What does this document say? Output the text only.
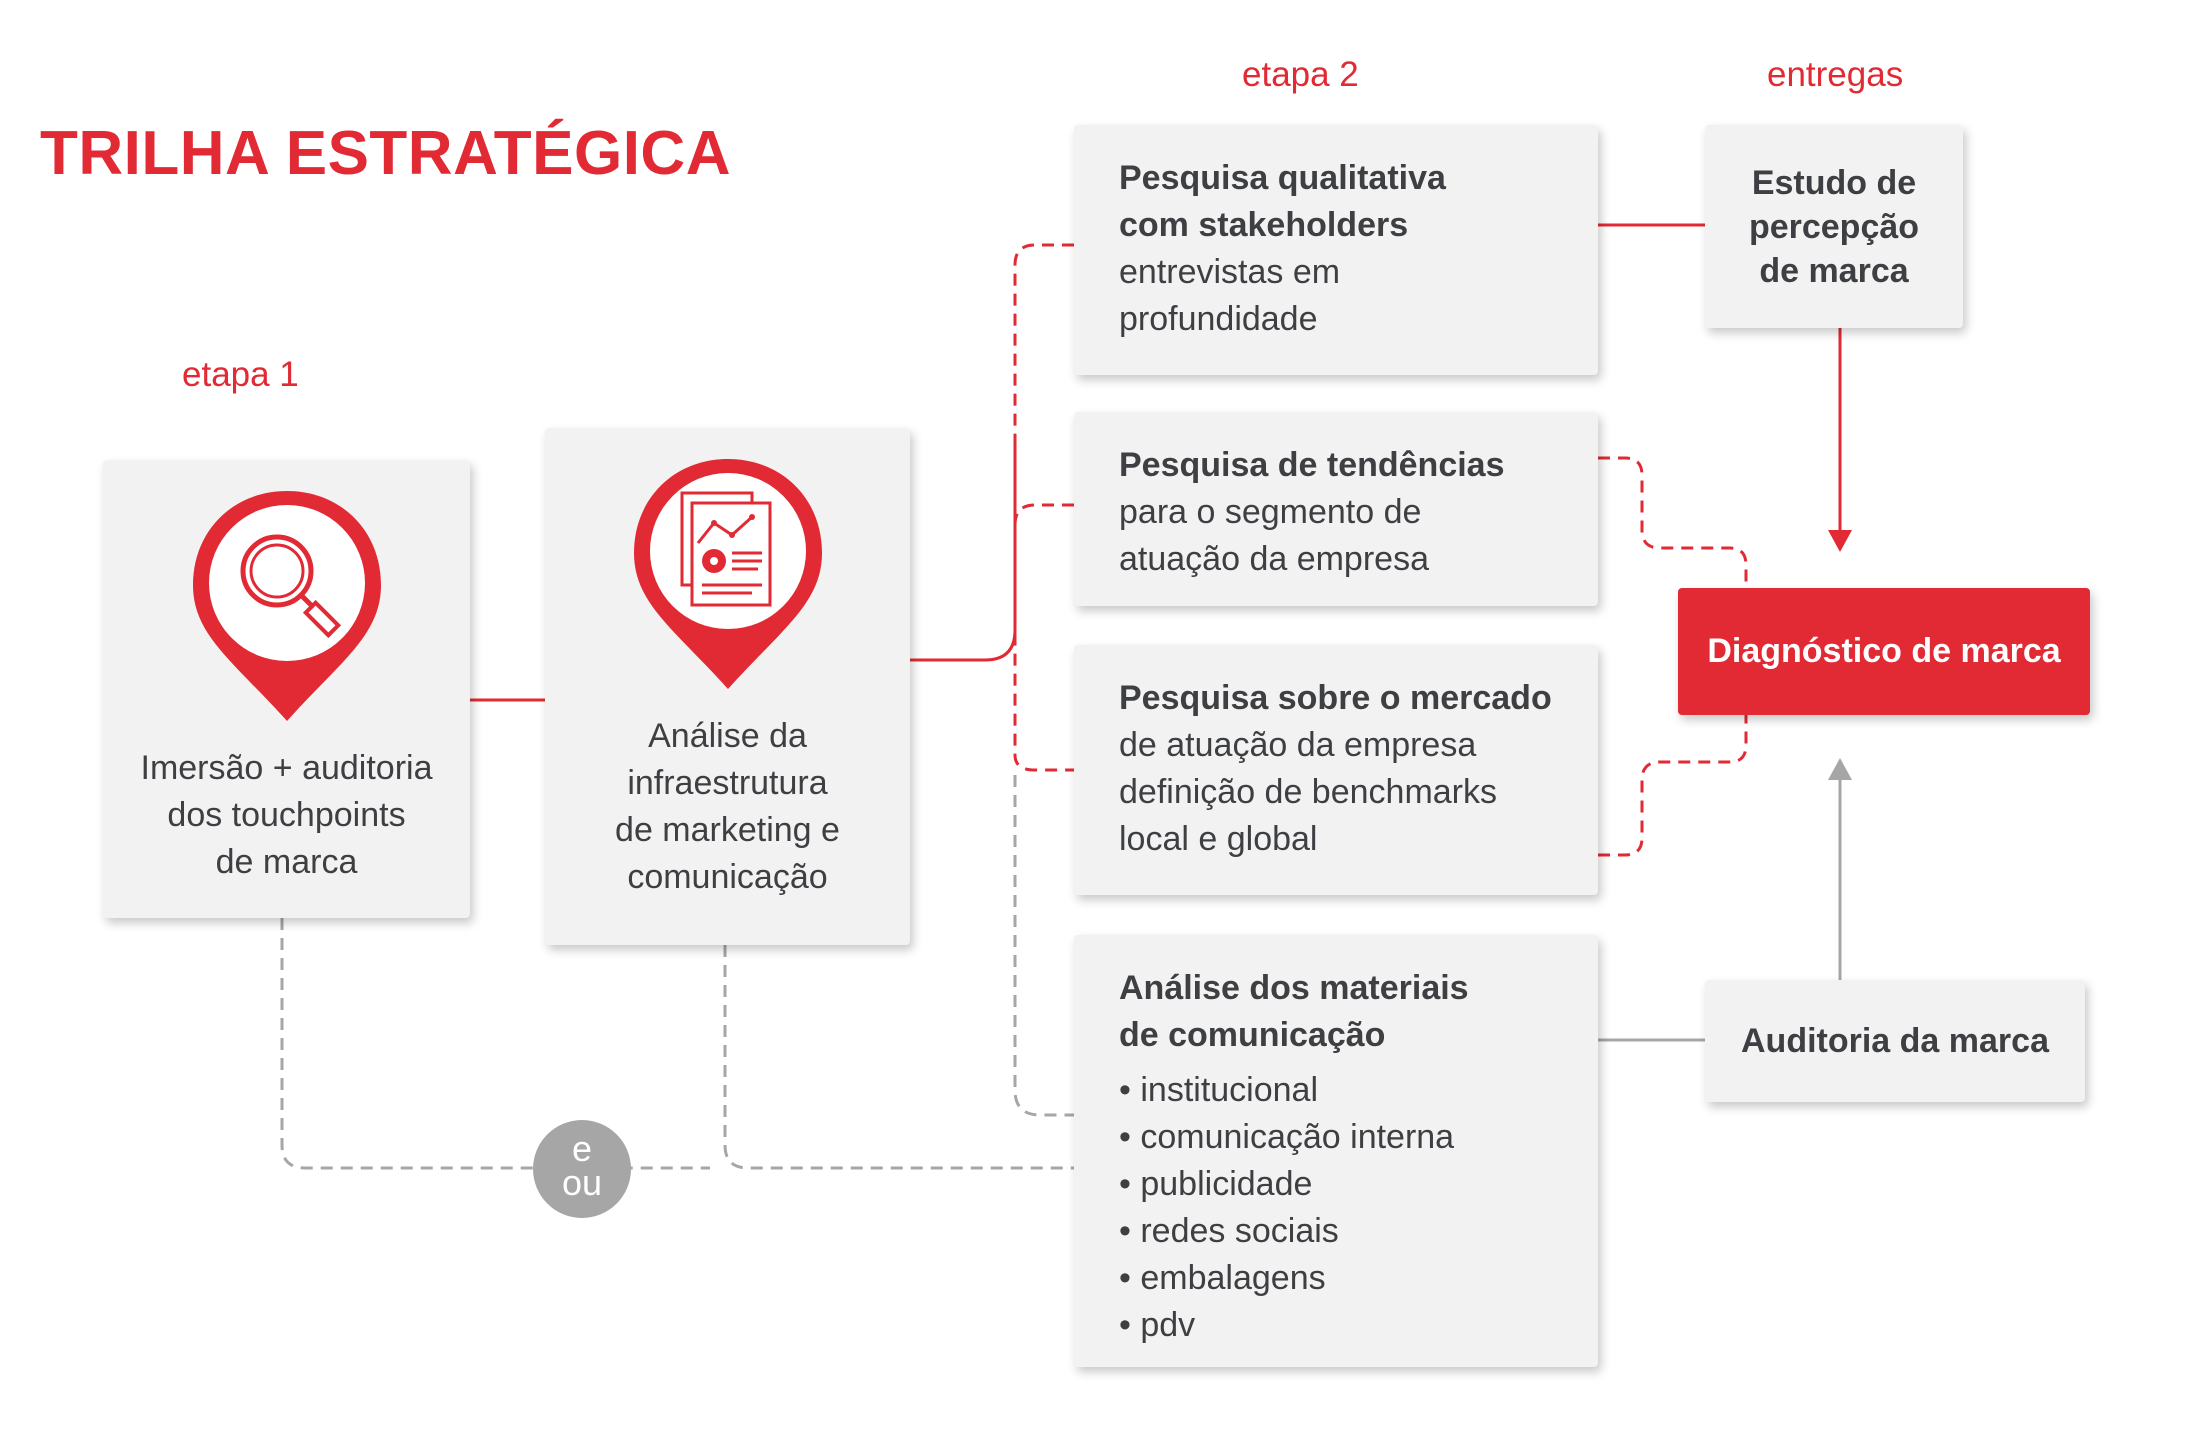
TRILHA ESTRATÉGICA
etapa 1
etapa 2	entregas
Imersão + auditoria
dos touchpoints
de marca
Análise da
infraestrutura
de marketing e
comunicação
Pesquisa qualitativa
com stakeholders
entrevistas em
profundidade
Pesquisa de tendências
para o segmento de
atuação da empresa
Pesquisa sobre o mercado
de atuação da empresa
definição de benchmarks
local e global
Análise dos materiais
de comunicação
• institucional
• comunicação interna
• publicidade
• redes sociais
• embalagens
• pdv
Estudo de
percepção
de marca
Diagnóstico de marca
Auditoria da marca
e
ou
